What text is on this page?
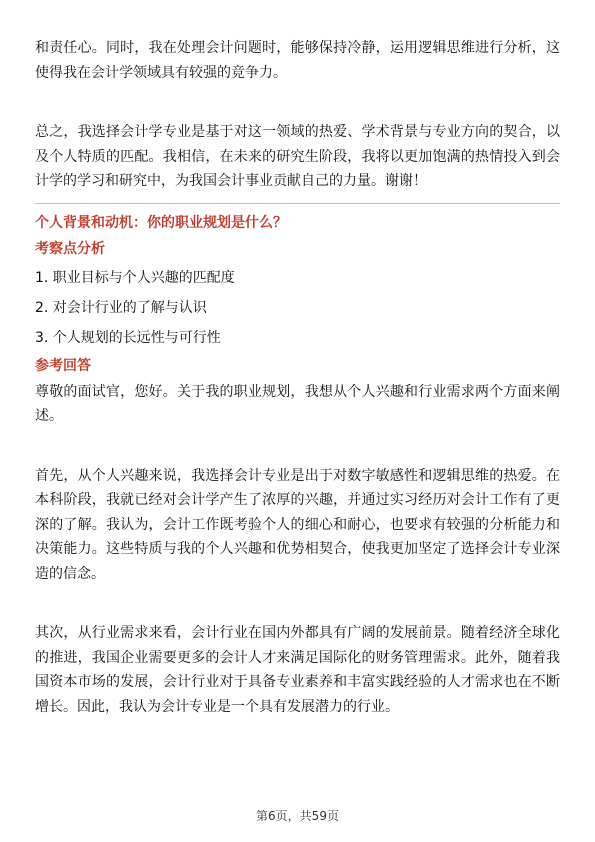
和责任心。同时，我在处理会计问题时，能够保持冷静，运用逻辑思维进行分析，这使得我在会计学领域具有较强的竞争力。

总之，我选择会计学专业是基于对这一领域的热爱、学术背景与专业方向的契合，以及个人特质的匹配。我相信，在未来的研究生阶段，我将以更加饱满的热情投入到会计学的学习和研究中，为我国会计事业贡献自己的力量。谢谢！

个人背景和动机：你的职业规划是什么？

考察点分析

1. 职业目标与个人兴趣的匹配度
2. 对会计行业的了解与认识
3. 个人规划的长远性与可行性

参考回答

尊敬的面试官，您好。关于我的职业规划，我想从个人兴趣和行业需求两个方面来阐述。

首先，从个人兴趣来说，我选择会计专业是出于对数字敏感性和逻辑思维的热爱。在本科阶段，我就已经对会计学产生了浓厚的兴趣，并通过实习经历对会计工作有了更深的了解。我认为，会计工作既考验个人的细心和耐心，也要求有较强的分析能力和决策能力。这些特质与我的个人兴趣和优势相契合，使我更加坚定了选择会计专业深造的信念。

其次，从行业需求来看，会计行业在国内外都具有广阔的发展前景。随着经济全球化的推进，我国企业需要更多的会计人才来满足国际化的财务管理需求。此外，随着我国资本市场的发展，会计行业对于具备专业素养和丰富实践经验的人才需求也在不断增长。因此，我认为会计专业是一个具有发展潜力的行业。

第6页，共59页
